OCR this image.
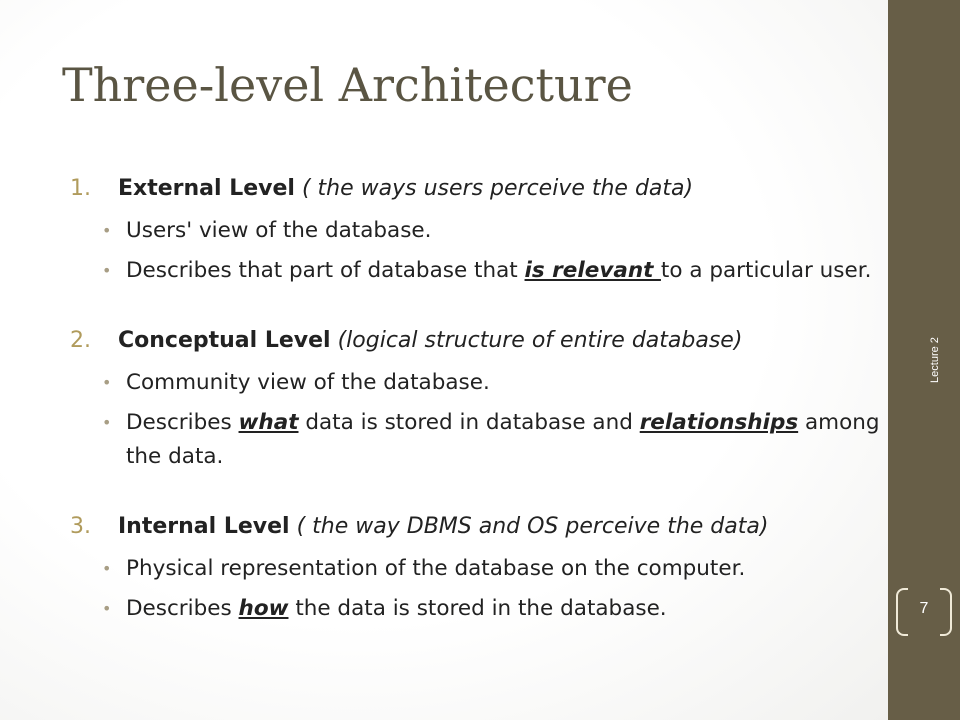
Three-level Architecture
1. External Level ( the ways users perceive the data)
• Users' view of the database.
• Describes that part of database that is relevant to a particular user.
2. Conceptual Level (logical structure of entire database)
• Community view of the database.
• Describes what data is stored in database and relationships among the data.
3. Internal Level ( the way DBMS and OS perceive the data)
• Physical representation of the database on the computer.
• Describes how the data is stored in the database.
Lecture 2
7
